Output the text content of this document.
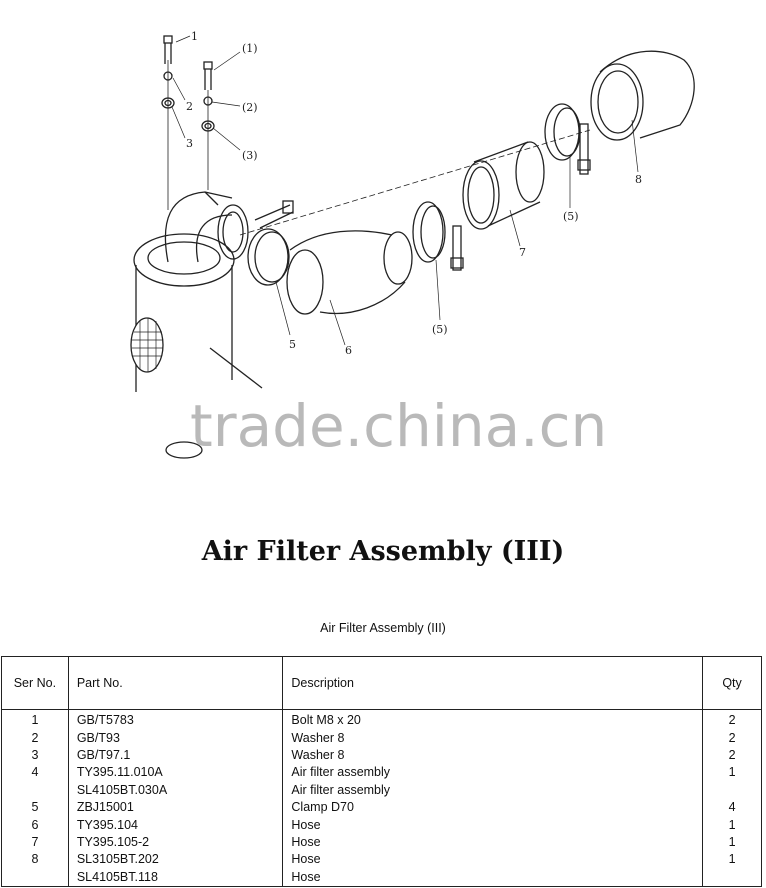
1
2
3
(1)
(2)
(3)
(5)
(5)
5	6
7
8
trade.china.cn
Air Filter Assembly (III)
Air Filter Assembly (III)
Ser No.	Part No.	Description	Qty
1	GB/T5783	Bolt M8 x 20	2
2	GB/T93	Washer 8	2
3	GB/T97.1	Washer 8	2
4	TY395.11.010A	Air filter assembly	1
	SL4105BT.030A	Air filter assembly	
5	ZBJ15001	Clamp D70	4
6	TY395.104	Hose	1
7	TY395.105-2	Hose	1
8	SL3105BT.202	Hose	1
	SL4105BT.118	Hose	
